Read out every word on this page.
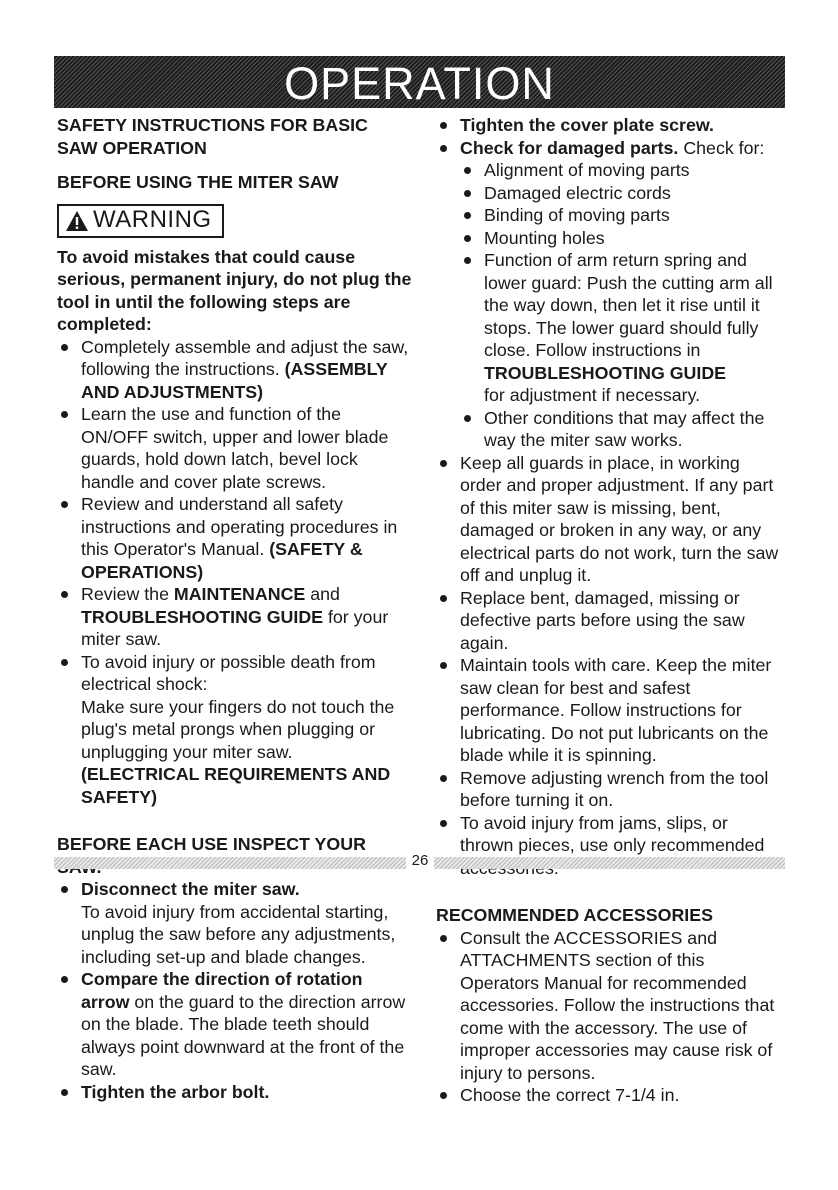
OPERATION

SAFETY INSTRUCTIONS FOR BASIC SAW OPERATION

BEFORE USING THE MITER SAW

WARNING

To avoid mistakes that could cause serious, permanent injury, do not plug the tool in until the following steps are completed:

Completely assemble and adjust the saw, following the instructions. (ASSEMBLY AND ADJUSTMENTS)
Learn the use and function of the ON/OFF switch, upper and lower blade guards, hold down latch, bevel lock handle and cover plate screws.
Review and understand all safety instructions and operating procedures in this Operator's Manual. (SAFETY & OPERATIONS)
Review the MAINTENANCE and TROUBLESHOOTING GUIDE for your miter saw.
To avoid injury or possible death from electrical shock:
Make sure your fingers do not touch the plug's metal prongs when plugging or unplugging your miter saw. (ELECTRICAL REQUIREMENTS AND SAFETY)

BEFORE EACH USE INSPECT YOUR

Disconnect the miter saw.
To avoid injury from accidental starting, unplug the saw before any adjustments, including set-up and blade changes.
Compare the direction of rotation arrow on the guard to the direction arrow on the blade. The blade teeth should always point downward at the front of the saw.
Tighten the arbor bolt.
Tighten the cover plate screw.
Check for damaged parts. Check for:
Alignment of moving parts
Damaged electric cords
Binding of moving parts
Mounting holes
Function of arm return spring and lower guard: Push the cutting arm all the way down, then let it rise until it stops. The lower guard should fully close. Follow instructions in TROUBLESHOOTING GUIDE
for adjustment if necessary.
Other conditions that may affect the way the miter saw works.
Keep all guards in place, in working order and proper adjustment. If any part of this miter saw is missing, bent, damaged or broken in any way, or any electrical parts do not work, turn the saw off and unplug it.
Replace bent, damaged, missing or defective parts before using the saw again.
Maintain tools with care. Keep the miter saw clean for best and safest performance. Follow instructions for lubricating. Do not put lubricants on the blade while it is spinning.
Remove adjusting wrench from the tool before turning it on.
To avoid injury from jams, slips, or thrown pieces, use only recommended

RECOMMENDED ACCESSORIES

Consult the ACCESSORIES and ATTACHMENTS section of this Operators Manual for recommended accessories. Follow the instructions that come with the accessory. The use of improper accessories may cause risk of injury to persons.
Choose the correct 7-1/4 in.
26
